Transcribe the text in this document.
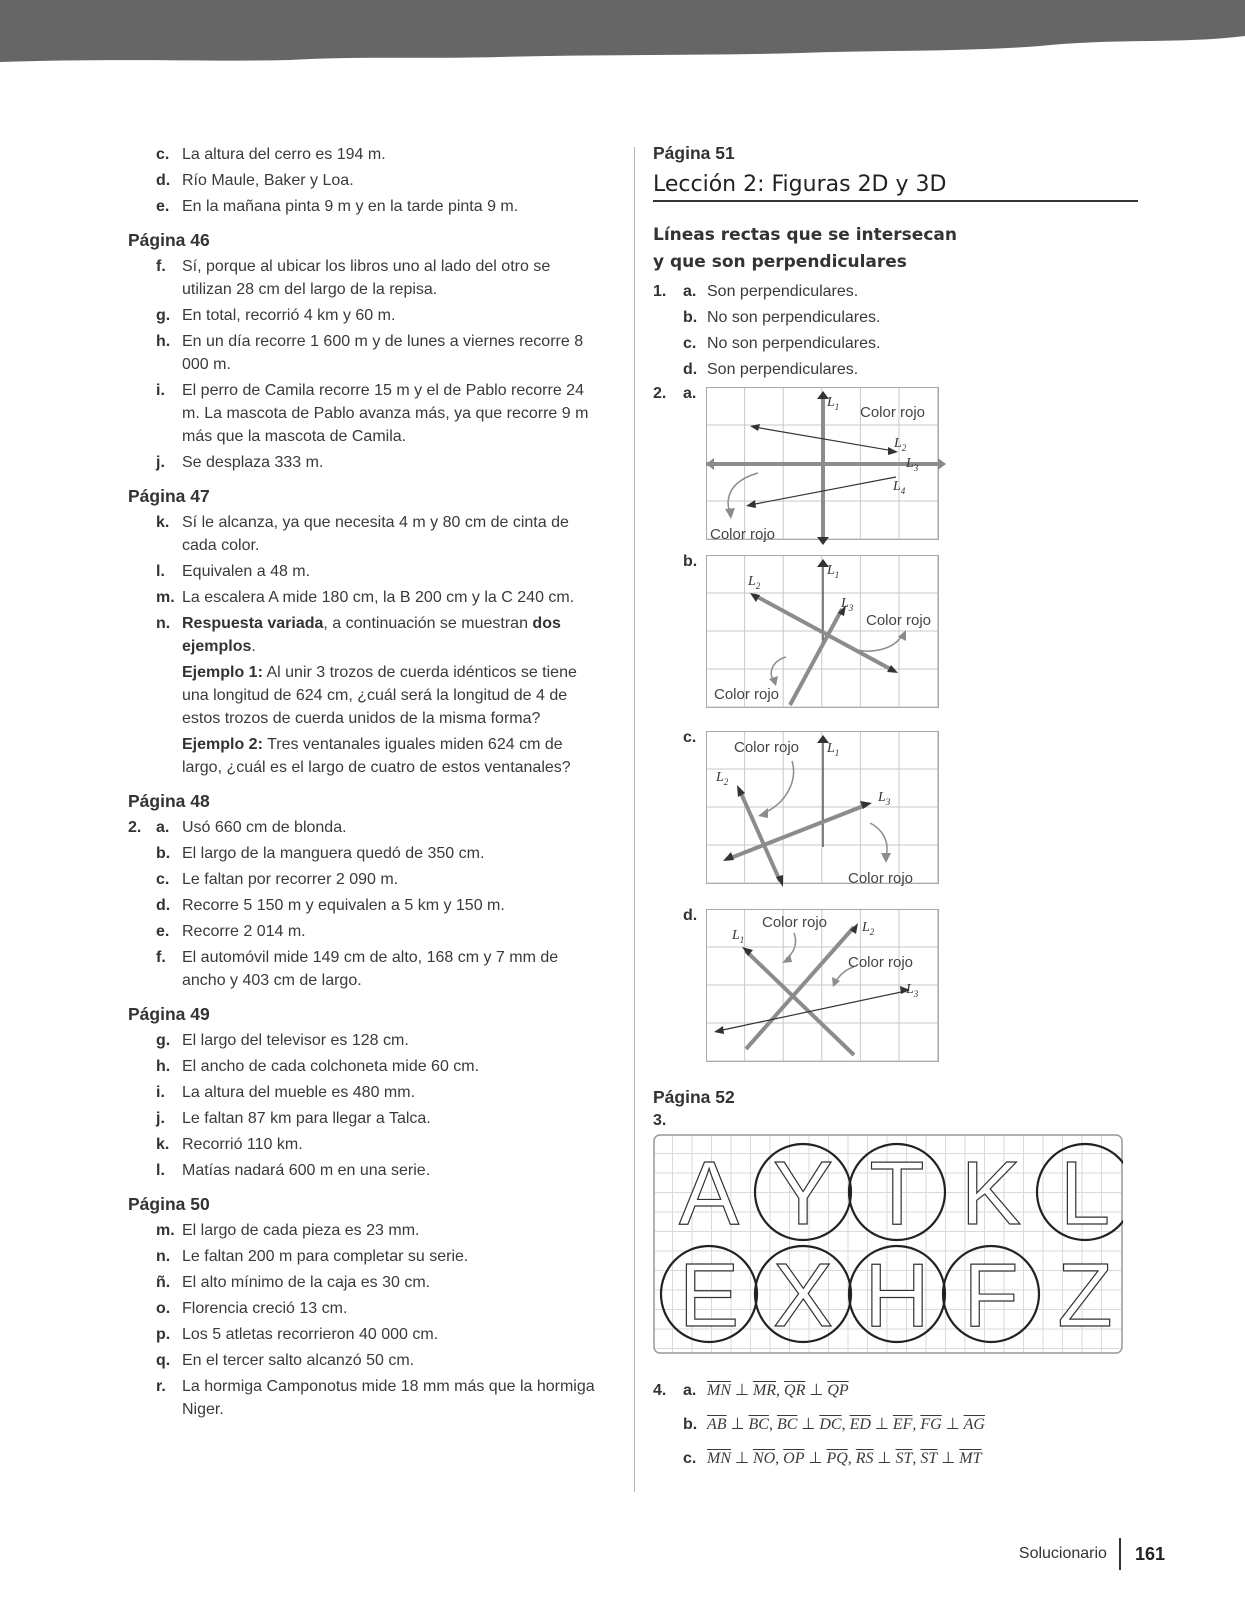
c. La altura del cerro es 194 m.
d. Río Maule, Baker y Loa.
e. En la mañana pinta 9 m y en la tarde pinta 9 m.
Página 46
f. Sí, porque al ubicar los libros uno al lado del otro se utilizan 28 cm del largo de la repisa.
g. En total, recorrió 4 km y 60 m.
h. En un día recorre 1 600 m y de lunes a viernes recorre 8 000 m.
i. El perro de Camila recorre 15 m y el de Pablo recorre 24 m. La mascota de Pablo avanza más, ya que recorre 9 m más que la mascota de Camila.
j. Se desplaza 333 m.
Página 47
k. Sí le alcanza, ya que necesita 4 m y 80 cm de cinta de cada color.
l. Equivalen a 48 m.
m. La escalera A mide 180 cm, la B 200 cm y la C 240 cm.
n. Respuesta variada, a continuación se muestran dos ejemplos.
Ejemplo 1: Al unir 3 trozos de cuerda idénticos se tiene una longitud de 624 cm, ¿cuál será la longitud de 4 de estos trozos de cuerda unidos de la misma forma?
Ejemplo 2: Tres ventanales iguales miden 624 cm de largo, ¿cuál es el largo de cuatro de estos ventanales?
Página 48
2. a. Usó 660 cm de blonda.
b. El largo de la manguera quedó de 350 cm.
c. Le faltan por recorrer 2 090 m.
d. Recorre 5 150 m y equivalen a 5 km y 150 m.
e. Recorre 2 014 m.
f. El automóvil mide 149 cm de alto, 168 cm y 7 mm de ancho y 403 cm de largo.
Página 49
g. El largo del televisor es 128 cm.
h. El ancho de cada colchoneta mide 60 cm.
i. La altura del mueble es 480 mm.
j. Le faltan 87 km para llegar a Talca.
k. Recorrió 110 km.
l. Matías nadará 600 m en una serie.
Página 50
m. El largo de cada pieza es 23 mm.
n. Le faltan 200 m para completar su serie.
ñ. El alto mínimo de la caja es 30 cm.
o. Florencia creció 13 cm.
p. Los 5 atletas recorrieron 40 000 cm.
q. En el tercer salto alcanzó 50 cm.
r. La hormiga Camponotus mide 18 mm más que la hormiga Niger.
Página 51
Lección 2: Figuras 2D y 3D
Líneas rectas que se intersecan
y que son perpendiculares
1. a. Son perpendiculares.
b. No son perpendiculares.
c. No son perpendiculares.
d. Son perpendiculares.
2. a.
Color rojo
Color rojo
$L_1$
$L_2$
$L_3$
$L_4$
b.
Color rojo
Color rojo
$L_1$
$L_2$
$L_3$
c.
Color rojo
Color rojo
$L_1$
$L_2$
$L_3$
d.	Color rojo
Color rojo
$L_1$
$L_2$
$L_3$
Página 52
3.
A Y T K L
E X H F Z
4. a. $\overline{MN}$ ⊥ $\overline{MR}$, $\overline{QR}$ ⊥ $\overline{QP}$
b. $\overline{AB}$ ⊥ $\overline{BC}$, $\overline{BC}$ ⊥ $\overline{DC}$, $\overline{ED}$ ⊥ $\overline{EF}$, $\overline{FG}$ ⊥ $\overline{AG}$
c. $\overline{MN}$ ⊥ $\overline{NO}$, $\overline{OP}$ ⊥ $\overline{PQ}$, $\overline{RS}$ ⊥ $\overline{ST}$, $\overline{ST}$ ⊥ $\overline{MT}$
Solucionario	161
